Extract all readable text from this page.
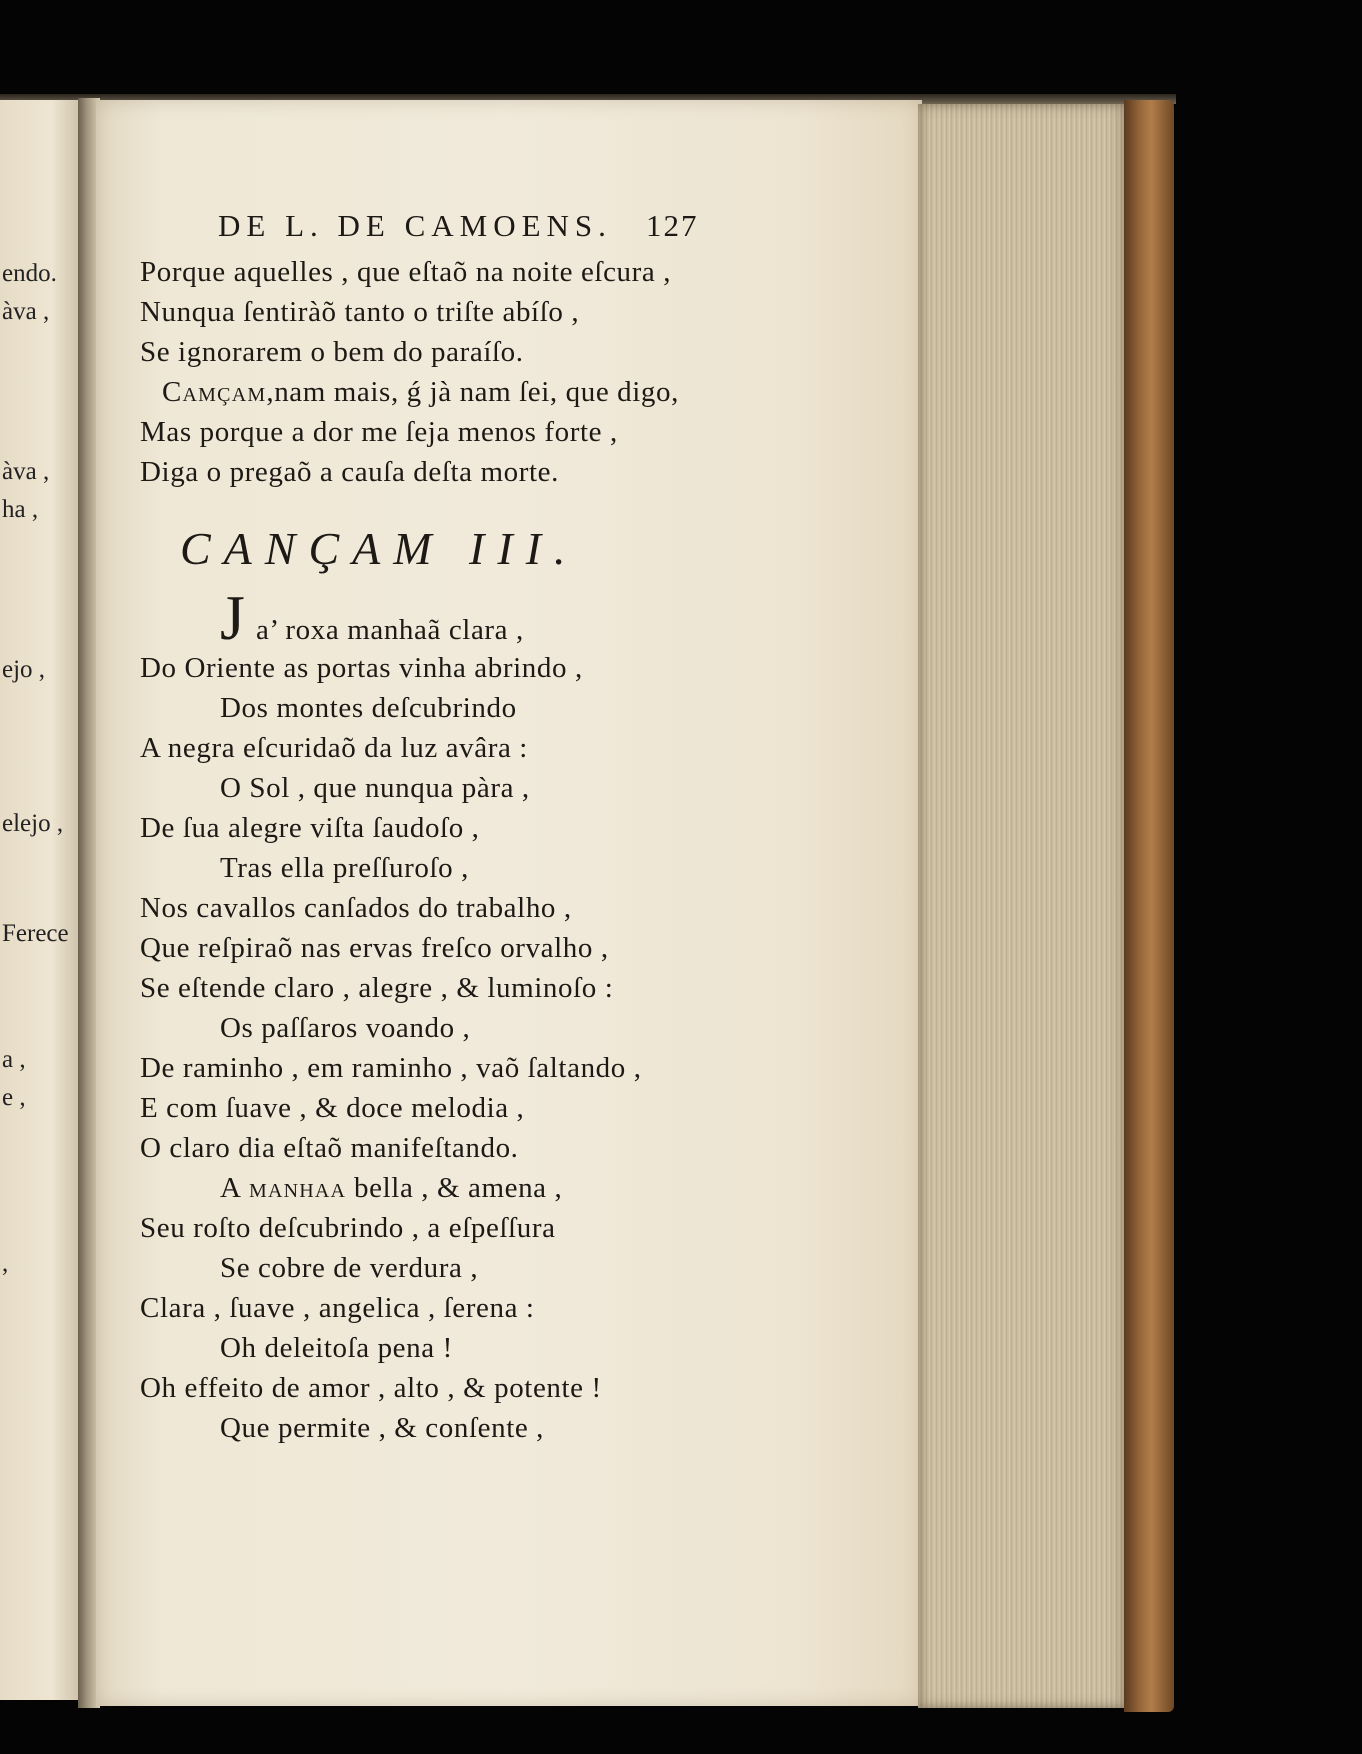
endo.
àva ,
àva ,
ha ,
ejo ,
elejo ,
Ferece
a ,
e ,
,
DE L. DE CAMOENS.	127
Porque aquelles , que eſtaõ na noite eſcura ,
Nunqua ſentiràõ tanto o triſte abíſo ,
Se ignorarem o bem do paraíſo.
Camçam,nam mais, ǵ jà nam ſei, que digo,
Mas porque a dor me ſeja menos forte ,
Diga o pregaõ a cauſa deſta morte.
CANÇAM III.
J a’ roxa manhaã clara ,
Do Oriente as portas vinha abrindo ,
Dos montes deſcubrindo
A negra eſcuridaõ da luz avâra :
O Sol , que nunqua pàra ,
De ſua alegre viſta ſaudoſo ,
Tras ella preſſuroſo ,
Nos cavallos canſados do trabalho ,
Que reſpiraõ nas ervas freſco orvalho ,
Se eſtende claro , alegre , & luminoſo :
Os paſſaros voando ,
De raminho , em raminho , vaõ ſaltando ,
E com ſuave , & doce melodia ,
O claro dia eſtaõ manifeſtando.
A manhaa bella , & amena ,
Seu roſto deſcubrindo , a eſpeſſura
Se cobre de verdura ,
Clara , ſuave , angelica , ſerena :
Oh deleitoſa pena !
Oh effeito de amor , alto , & potente !
Que permite , & conſente ,
